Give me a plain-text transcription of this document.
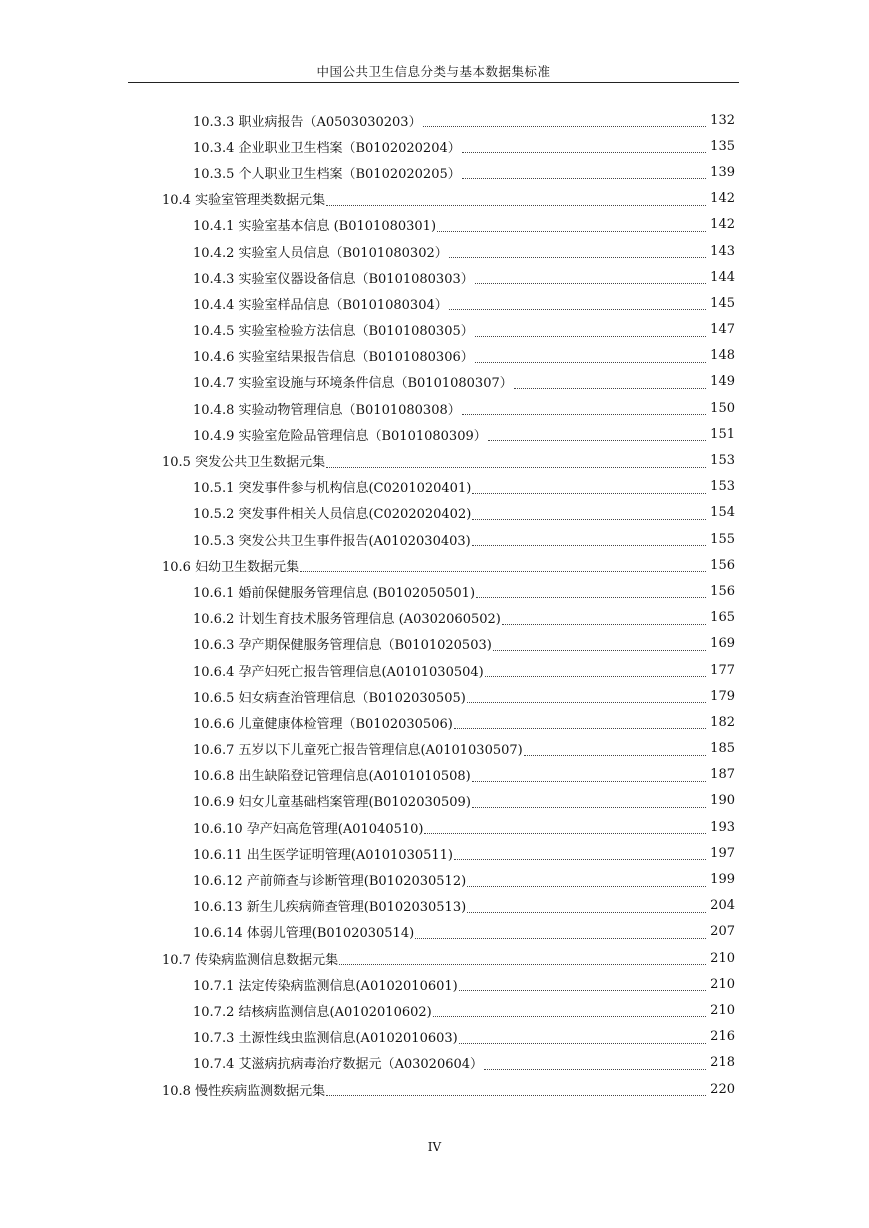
中国公共卫生信息分类与基本数据集标准
10.3.3 职业病报告（A0503030203）	132
10.3.4 企业职业卫生档案（B0102020204）	135
10.3.5 个人职业卫生档案（B0102020205）	139
10.4 实验室管理类数据元集	142
10.4.1 实验室基本信息 (B0101080301)	142
10.4.2 实验室人员信息（B0101080302）	143
10.4.3 实验室仪器设备信息（B0101080303）	144
10.4.4 实验室样品信息（B0101080304）	145
10.4.5 实验室检验方法信息（B0101080305）	147
10.4.6 实验室结果报告信息（B0101080306）	148
10.4.7 实验室设施与环境条件信息（B0101080307）	149
10.4.8 实验动物管理信息（B0101080308）	150
10.4.9 实验室危险品管理信息（B0101080309）	151
10.5 突发公共卫生数据元集	153
10.5.1 突发事件参与机构信息(C0201020401)	153
10.5.2 突发事件相关人员信息(C0202020402)	154
10.5.3 突发公共卫生事件报告(A0102030403)	155
10.6 妇幼卫生数据元集	156
10.6.1 婚前保健服务管理信息 (B0102050501)	156
10.6.2 计划生育技术服务管理信息 (A0302060502)	165
10.6.3 孕产期保健服务管理信息（B0101020503)	169
10.6.4 孕产妇死亡报告管理信息(A0101030504)	177
10.6.5 妇女病查治管理信息（B0102030505)	179
10.6.6 儿童健康体检管理（B0102030506)	182
10.6.7 五岁以下儿童死亡报告管理信息(A0101030507)	185
10.6.8 出生缺陷登记管理信息(A0101010508)	187
10.6.9 妇女儿童基础档案管理(B0102030509)	190
10.6.10 孕产妇高危管理(A01040510)	193
10.6.11 出生医学证明管理(A0101030511)	197
10.6.12 产前筛查与诊断管理(B0102030512)	199
10.6.13 新生儿疾病筛查管理(B0102030513)	204
10.6.14 体弱儿管理(B0102030514)	207
10.7 传染病监测信息数据元集	210
10.7.1 法定传染病监测信息(A0102010601)	210
10.7.2 结核病监测信息(A0102010602)	210
10.7.3 土源性线虫监测信息(A0102010603)	216
10.7.4 艾滋病抗病毒治疗数据元（A03020604）	218
10.8 慢性疾病监测数据元集	220
IV
